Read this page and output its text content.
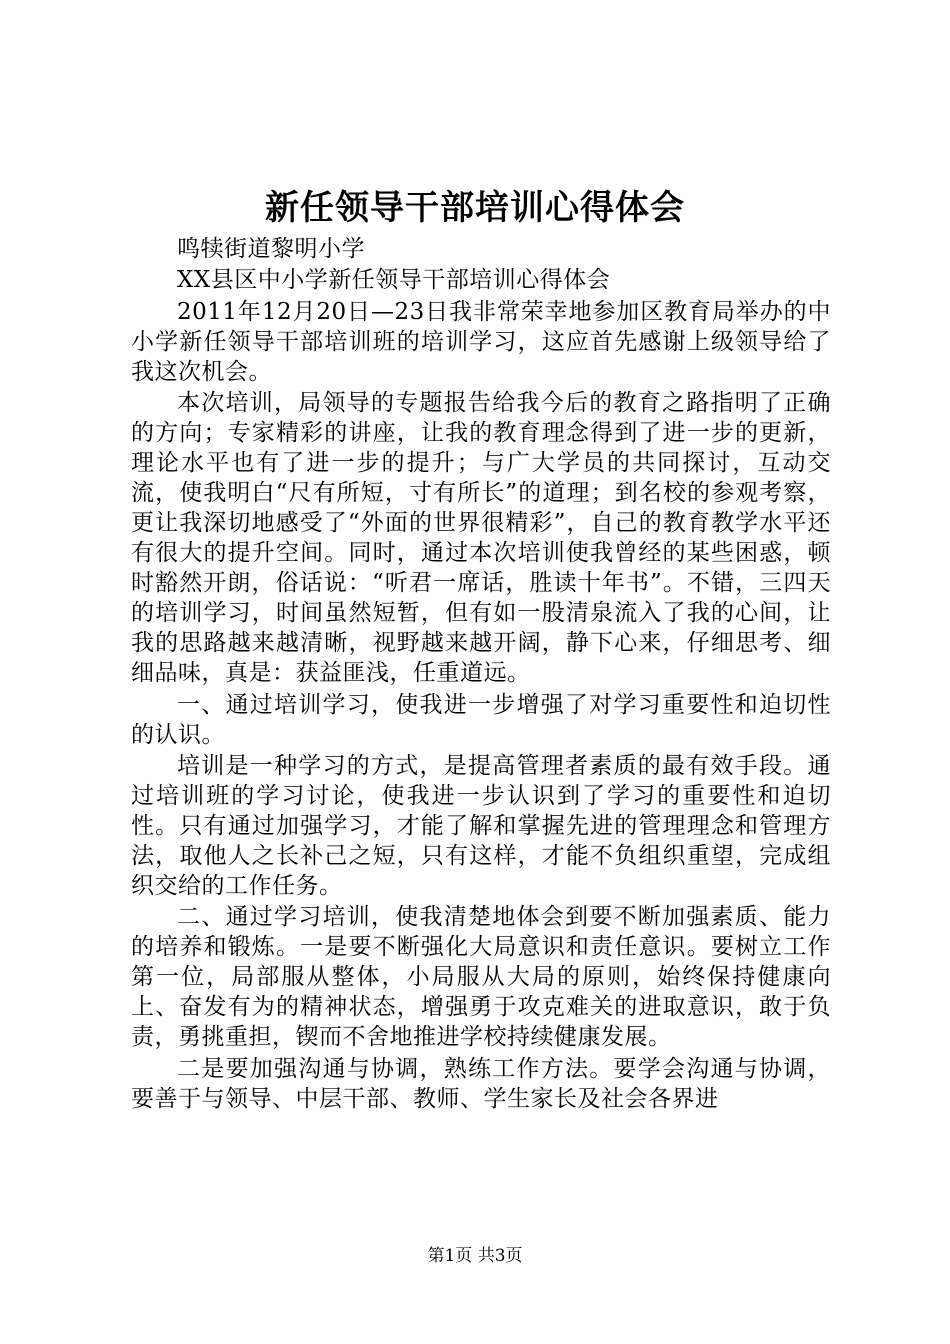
新任领导干部培训心得体会

鸣犊街道黎明小学

XX县区中小学新任领导干部培训心得体会

2011年12月20日—23日我非常荣幸地参加区教育局举办的中小学新任领导干部培训班的培训学习，这应首先感谢上级领导给了我这次机会。

本次培训，局领导的专题报告给我今后的教育之路指明了正确的方向；专家精彩的讲座，让我的教育理念得到了进一步的更新，理论水平也有了进一步的提升；与广大学员的共同探讨，互动交流，使我明白“尺有所短，寸有所长”的道理；到名校的参观考察，更让我深切地感受了“外面的世界很精彩”，自己的教育教学水平还有很大的提升空间。同时，通过本次培训使我曾经的某些困惑，顿时豁然开朗，俗话说：“听君一席话，胜读十年书”。不错，三四天的培训学习，时间虽然短暂，但有如一股清泉流入了我的心间，让我的思路越来越清晰，视野越来越开阔，静下心来，仔细思考、细细品味，真是：获益匪浅，任重道远。

一、通过培训学习，使我进一步增强了对学习重要性和迫切性的认识。

培训是一种学习的方式，是提高管理者素质的最有效手段。通过培训班的学习讨论，使我进一步认识到了学习的重要性和迫切性。只有通过加强学习，才能了解和掌握先进的管理理念和管理方法，取他人之长补己之短，只有这样，才能不负组织重望，完成组织交给的工作任务。

二、通过学习培训，使我清楚地体会到要不断加强素质、能力的培养和锻炼。一是要不断强化大局意识和责任意识。要树立工作第一位，局部服从整体，小局服从大局的原则，始终保持健康向上、奋发有为的精神状态，增强勇于攻克难关的进取意识，敢于负责，勇挑重担，锲而不舍地推进学校持续健康发展。

二是要加强沟通与协调，熟练工作方法。要学会沟通与协调，要善于与领导、中层干部、教师、学生家长及社会各界进

第1页 共3页
